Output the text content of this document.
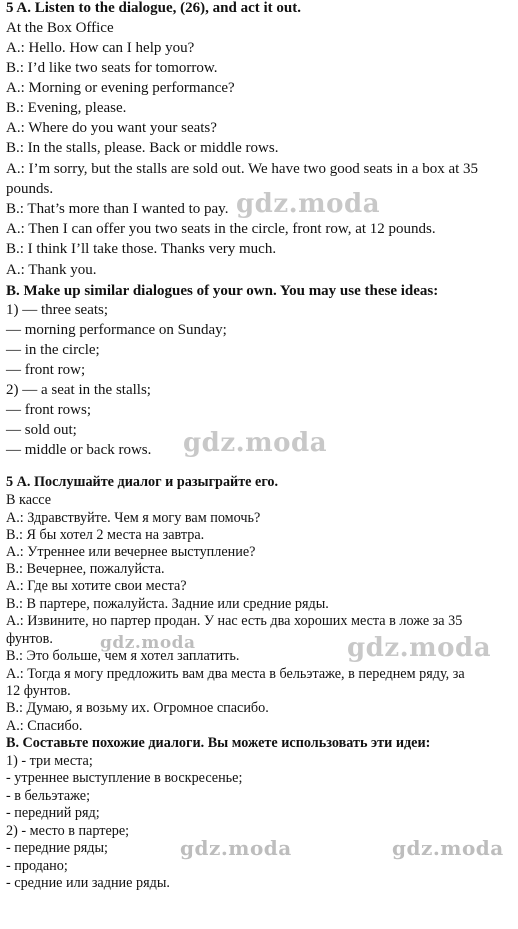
5 A. Listen to the dialogue, (26), and act it out.
At the Box Office
A.: Hello. How can I help you?
B.: I’d like two seats for tomorrow.
A.: Morning or evening performance?
B.: Evening, please.
A.: Where do you want your seats?
B.: In the stalls, please. Back or middle rows.
A.: I’m sorry, but the stalls are sold out. We have two good seats in a box at 35
pounds.
B.: That’s more than I wanted to pay.
A.: Then I can offer you two seats in the circle, front row, at 12 pounds.
B.: I think I’ll take those. Thanks very much.
A.: Thank you.
B. Make up similar dialogues of your own. You may use these ideas:
1) — three seats;
— morning performance on Sunday;
— in the circle;
— front row;
2) — a seat in the stalls;
— front rows;
— sold out;
— middle or back rows.
5 А. Послушайте диалог и разыграйте его.
В кассе
А.: Здравствуйте. Чем я могу вам помочь?
В.: Я бы хотел 2 места на завтра.
А.: Утреннее или вечернее выступление?
В.: Вечернее, пожалуйста.
А.: Где вы хотите свои места?
В.: В партере, пожалуйста. Задние или средние ряды.
А.: Извините, но партер продан. У нас есть два хороших места в ложе за 35
фунтов.
В.: Это больше, чем я хотел заплатить.
А.: Тогда я могу предложить вам два места в бельэтаже, в переднем ряду, за
12 фунтов.
В.: Думаю, я возьму их. Огромное спасибо.
А.: Спасибо.
В. Составьте похожие диалоги. Вы можете использовать эти идеи:
1) - три места;
- утреннее выступление в воскресенье;
- в бельэтаже;
- передний ряд;
2) - место в партере;
- передние ряды;
- продано;
- средние или задние ряды.
gdz.moda
gdz.moda
gdz.moda	gdz.moda
gdz.moda	gdz.moda
